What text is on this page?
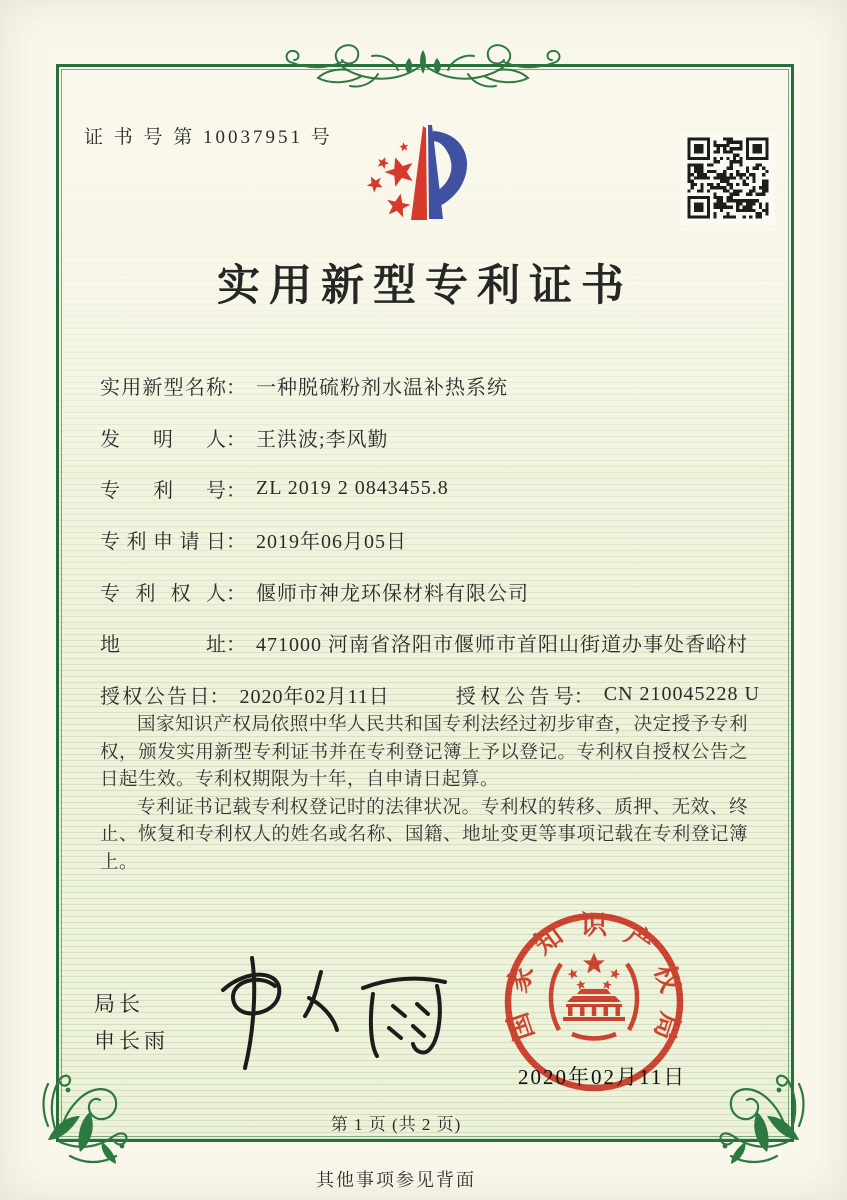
证 书 号 第 10037951 号
实用新型专利证书
实用新型名称 ： 一种脱硫粉剂水温补热系统
发明人 ： 王洪波;李风勤
专利号 ： ZL 2019 2 0843455.8
专利申请日 ： 2019年06月05日
专利权人 ： 偃师市神龙环保材料有限公司
地址 ： 471000 河南省洛阳市偃师市首阳山街道办事处香峪村
授权公告日 ： 2020年02月11日	授权公告号 ： CN 210045228 U

国家知识产权局依照中华人民共和国专利法经过初步审查，决定授予专利权，颁发实用新型专利证书并在专利登记簿上予以登记。专利权自授权公告之日起生效。专利权期限为十年，自申请日起算。

专利证书记载专利权登记时的法律状况。专利权的转移、质押、无效、终止、恢复和专利权人的姓名或名称、国籍、地址变更等事项记载在专利登记簿上。

局长
申长雨	国家知识产权局
2020年02月11日
第 1 页 (共 2 页)
其他事项参见背面
